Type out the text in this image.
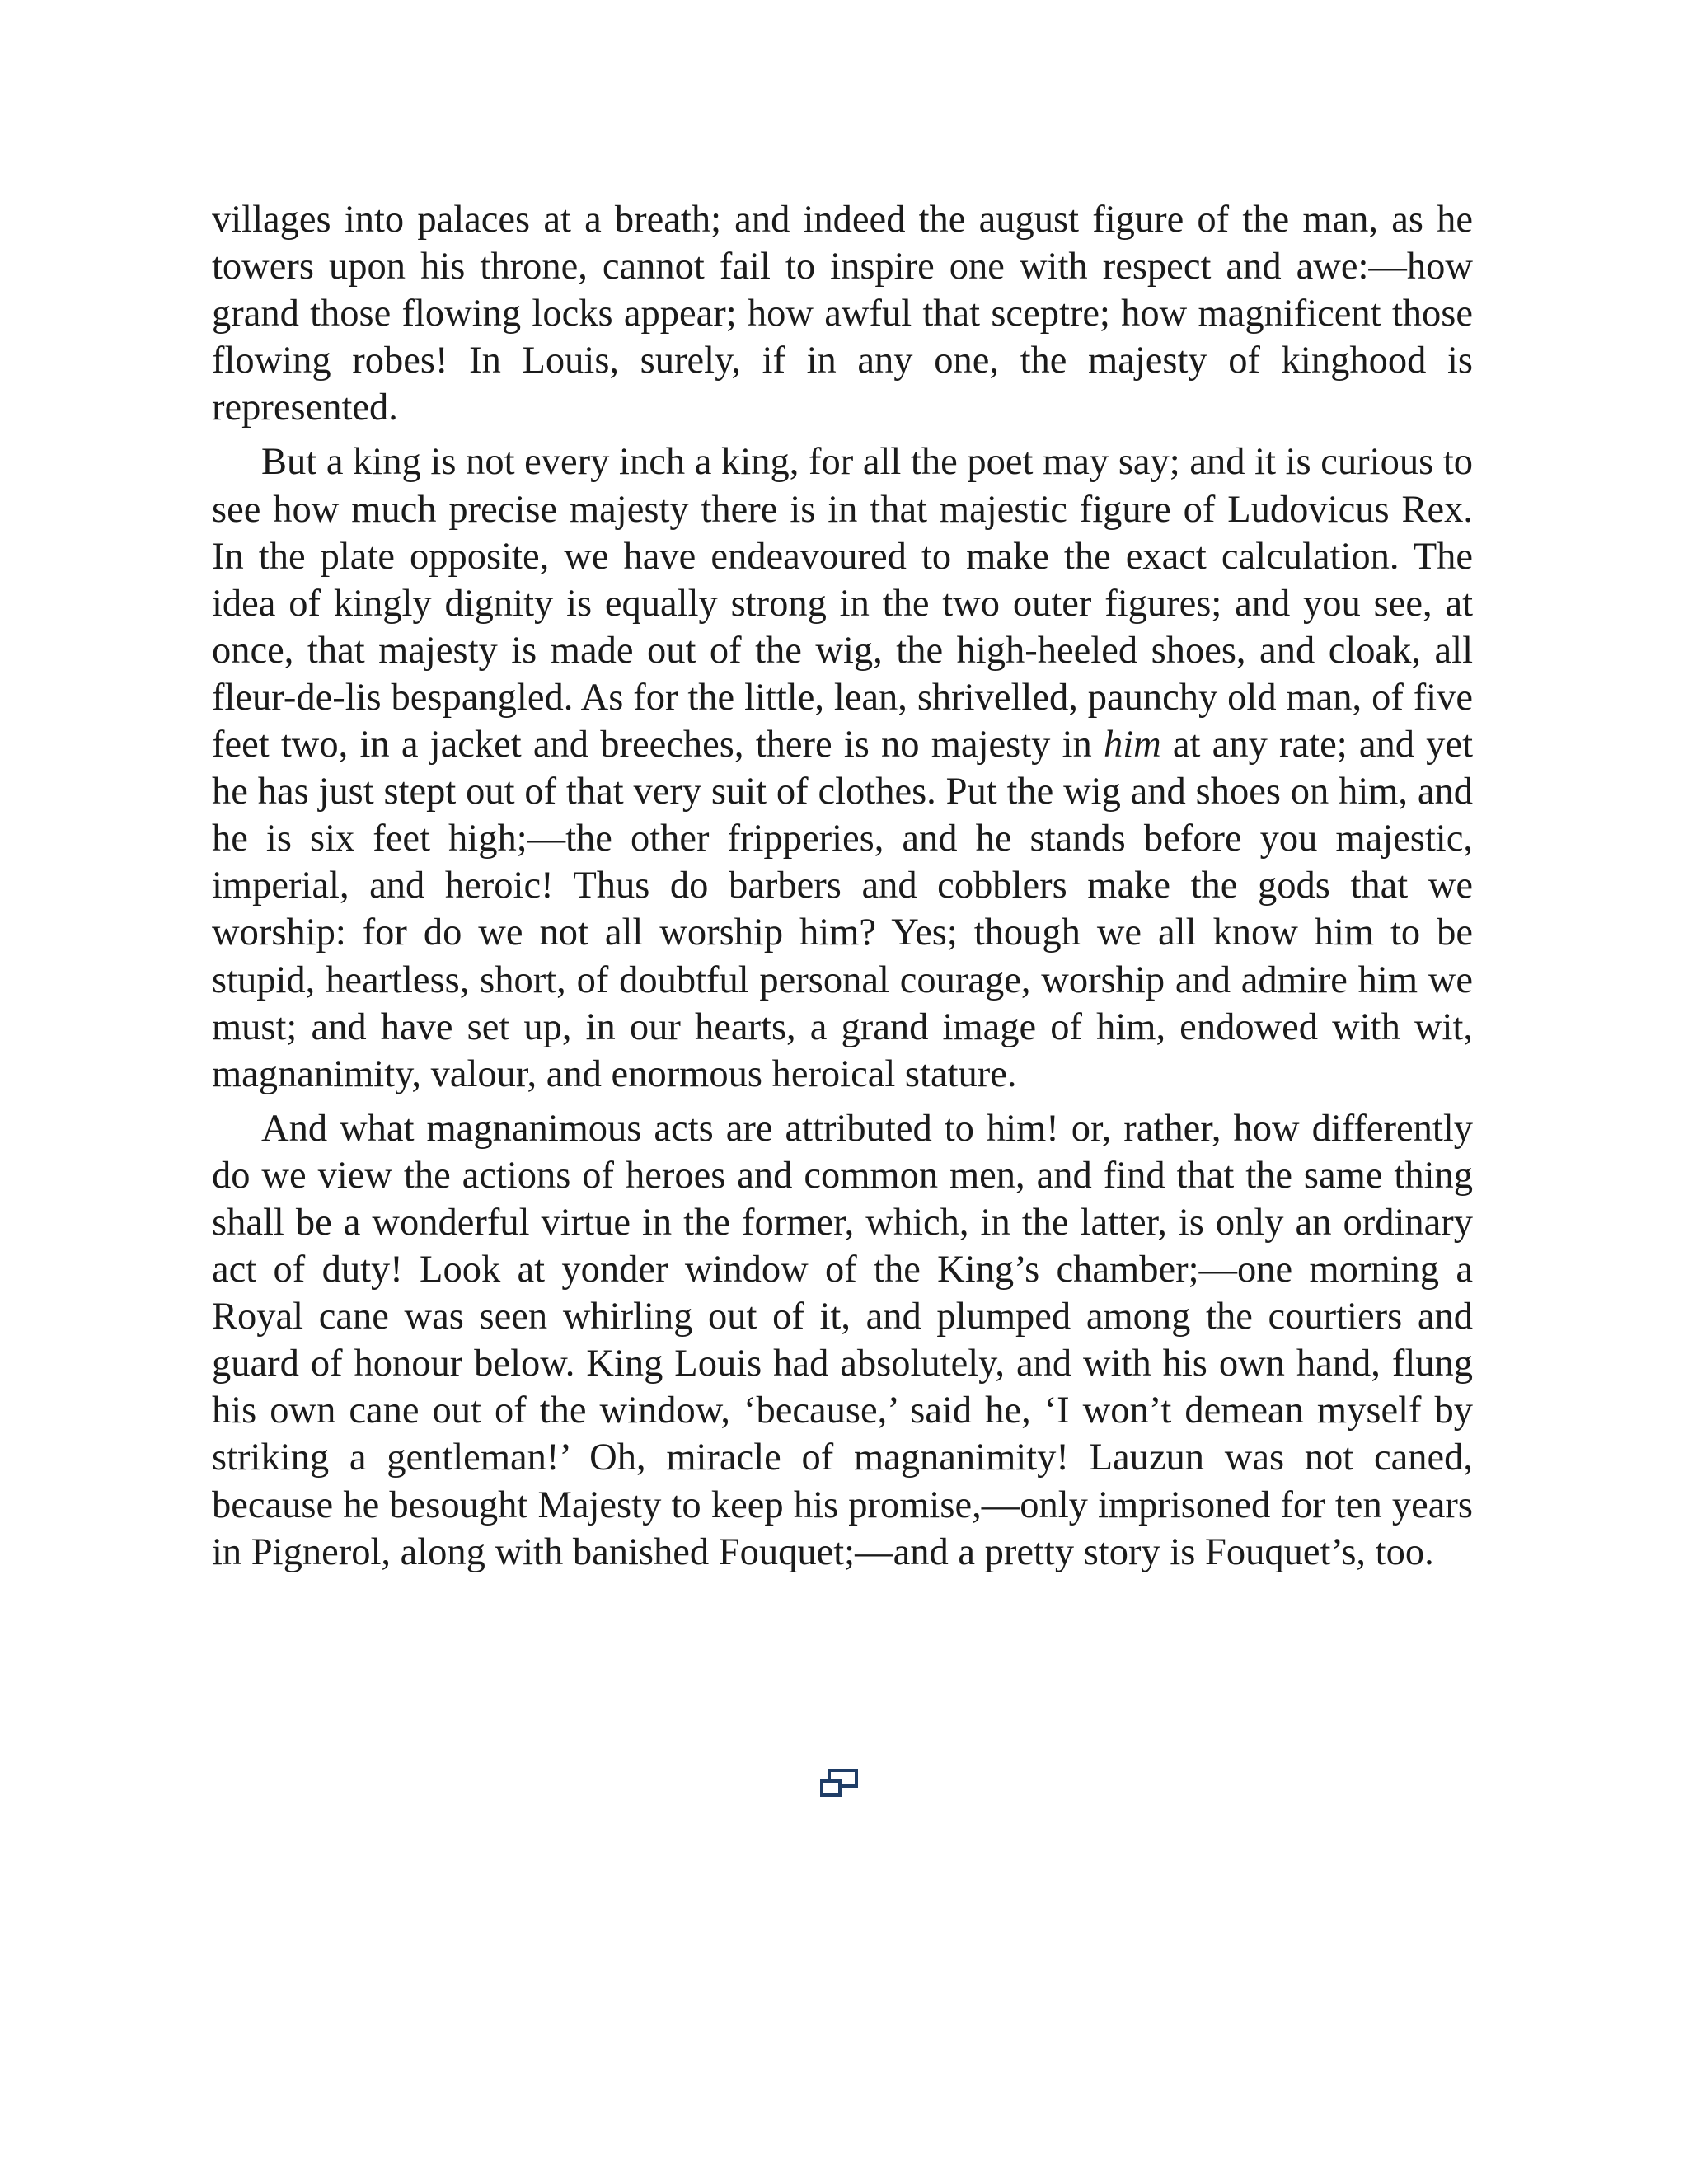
villages into palaces at a breath; and indeed the august figure of the man, as he towers upon his throne, cannot fail to inspire one with respect and awe:—how grand those flowing locks appear; how awful that sceptre; how magnificent those flowing robes! In Louis, surely, if in any one, the majesty of kinghood is represented.

But a king is not every inch a king, for all the poet may say; and it is curious to see how much precise majesty there is in that majestic figure of Ludovicus Rex. In the plate opposite, we have endeavoured to make the exact calculation. The idea of kingly dignity is equally strong in the two outer figures; and you see, at once, that majesty is made out of the wig, the high-heeled shoes, and cloak, all fleur-de-lis bespangled. As for the little, lean, shrivelled, paunchy old man, of five feet two, in a jacket and breeches, there is no majesty in him at any rate; and yet he has just stept out of that very suit of clothes. Put the wig and shoes on him, and he is six feet high;—the other fripperies, and he stands before you majestic, imperial, and heroic! Thus do barbers and cobblers make the gods that we worship: for do we not all worship him? Yes; though we all know him to be stupid, heartless, short, of doubtful personal courage, worship and admire him we must; and have set up, in our hearts, a grand image of him, endowed with wit, magnanimity, valour, and enormous heroical stature.

And what magnanimous acts are attributed to him! or, rather, how differently do we view the actions of heroes and common men, and find that the same thing shall be a wonderful virtue in the former, which, in the latter, is only an ordinary act of duty! Look at yonder window of the King’s chamber;—one morning a Royal cane was seen whirling out of it, and plumped among the courtiers and guard of honour below. King Louis had absolutely, and with his own hand, flung his own cane out of the window, ‘because,’ said he, ‘I won’t demean myself by striking a gentleman!’ Oh, miracle of magnanimity! Lauzun was not caned, because he besought Majesty to keep his promise,—only imprisoned for ten years in Pignerol, along with banished Fouquet;—and a pretty story is Fouquet’s, too.
